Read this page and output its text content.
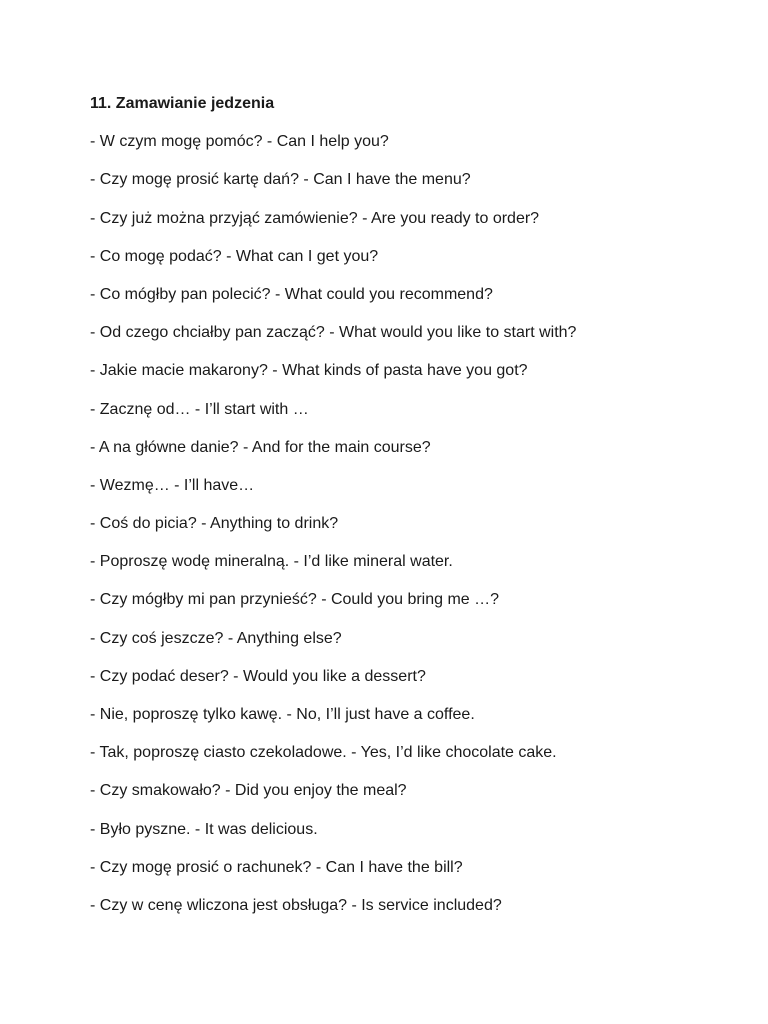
11. Zamawianie jedzenia
- W czym mogę pomóc? - Can I help you?
- Czy mogę prosić kartę dań? - Can I have the menu?
- Czy już można przyjąć zamówienie? - Are you ready to order?
- Co mogę podać? - What can I get you?
- Co mógłby pan polecić? - What could you recommend?
- Od czego chciałby pan zacząć? - What would you like to start with?
- Jakie macie makarony? - What kinds of pasta have you got?
- Zacznę od… - I’ll start with …
- A na główne danie? - And for the main course?
- Wezmę… - I’ll have…
- Coś do picia? - Anything to drink?
- Poproszę wodę mineralną. - I’d like mineral water.
- Czy mógłby mi pan przynieść? - Could you bring me …?
- Czy coś jeszcze? - Anything else?
- Czy podać deser? - Would you like a dessert?
- Nie, poproszę tylko kawę. - No, I’ll just have a coffee.
- Tak, poproszę ciasto czekoladowe. - Yes, I’d like chocolate cake.
- Czy smakowało? - Did you enjoy the meal?
- Było pyszne. - It was delicious.
- Czy mogę prosić o rachunek? - Can I have the bill?
- Czy w cenę wliczona jest obsługa? - Is service included?
